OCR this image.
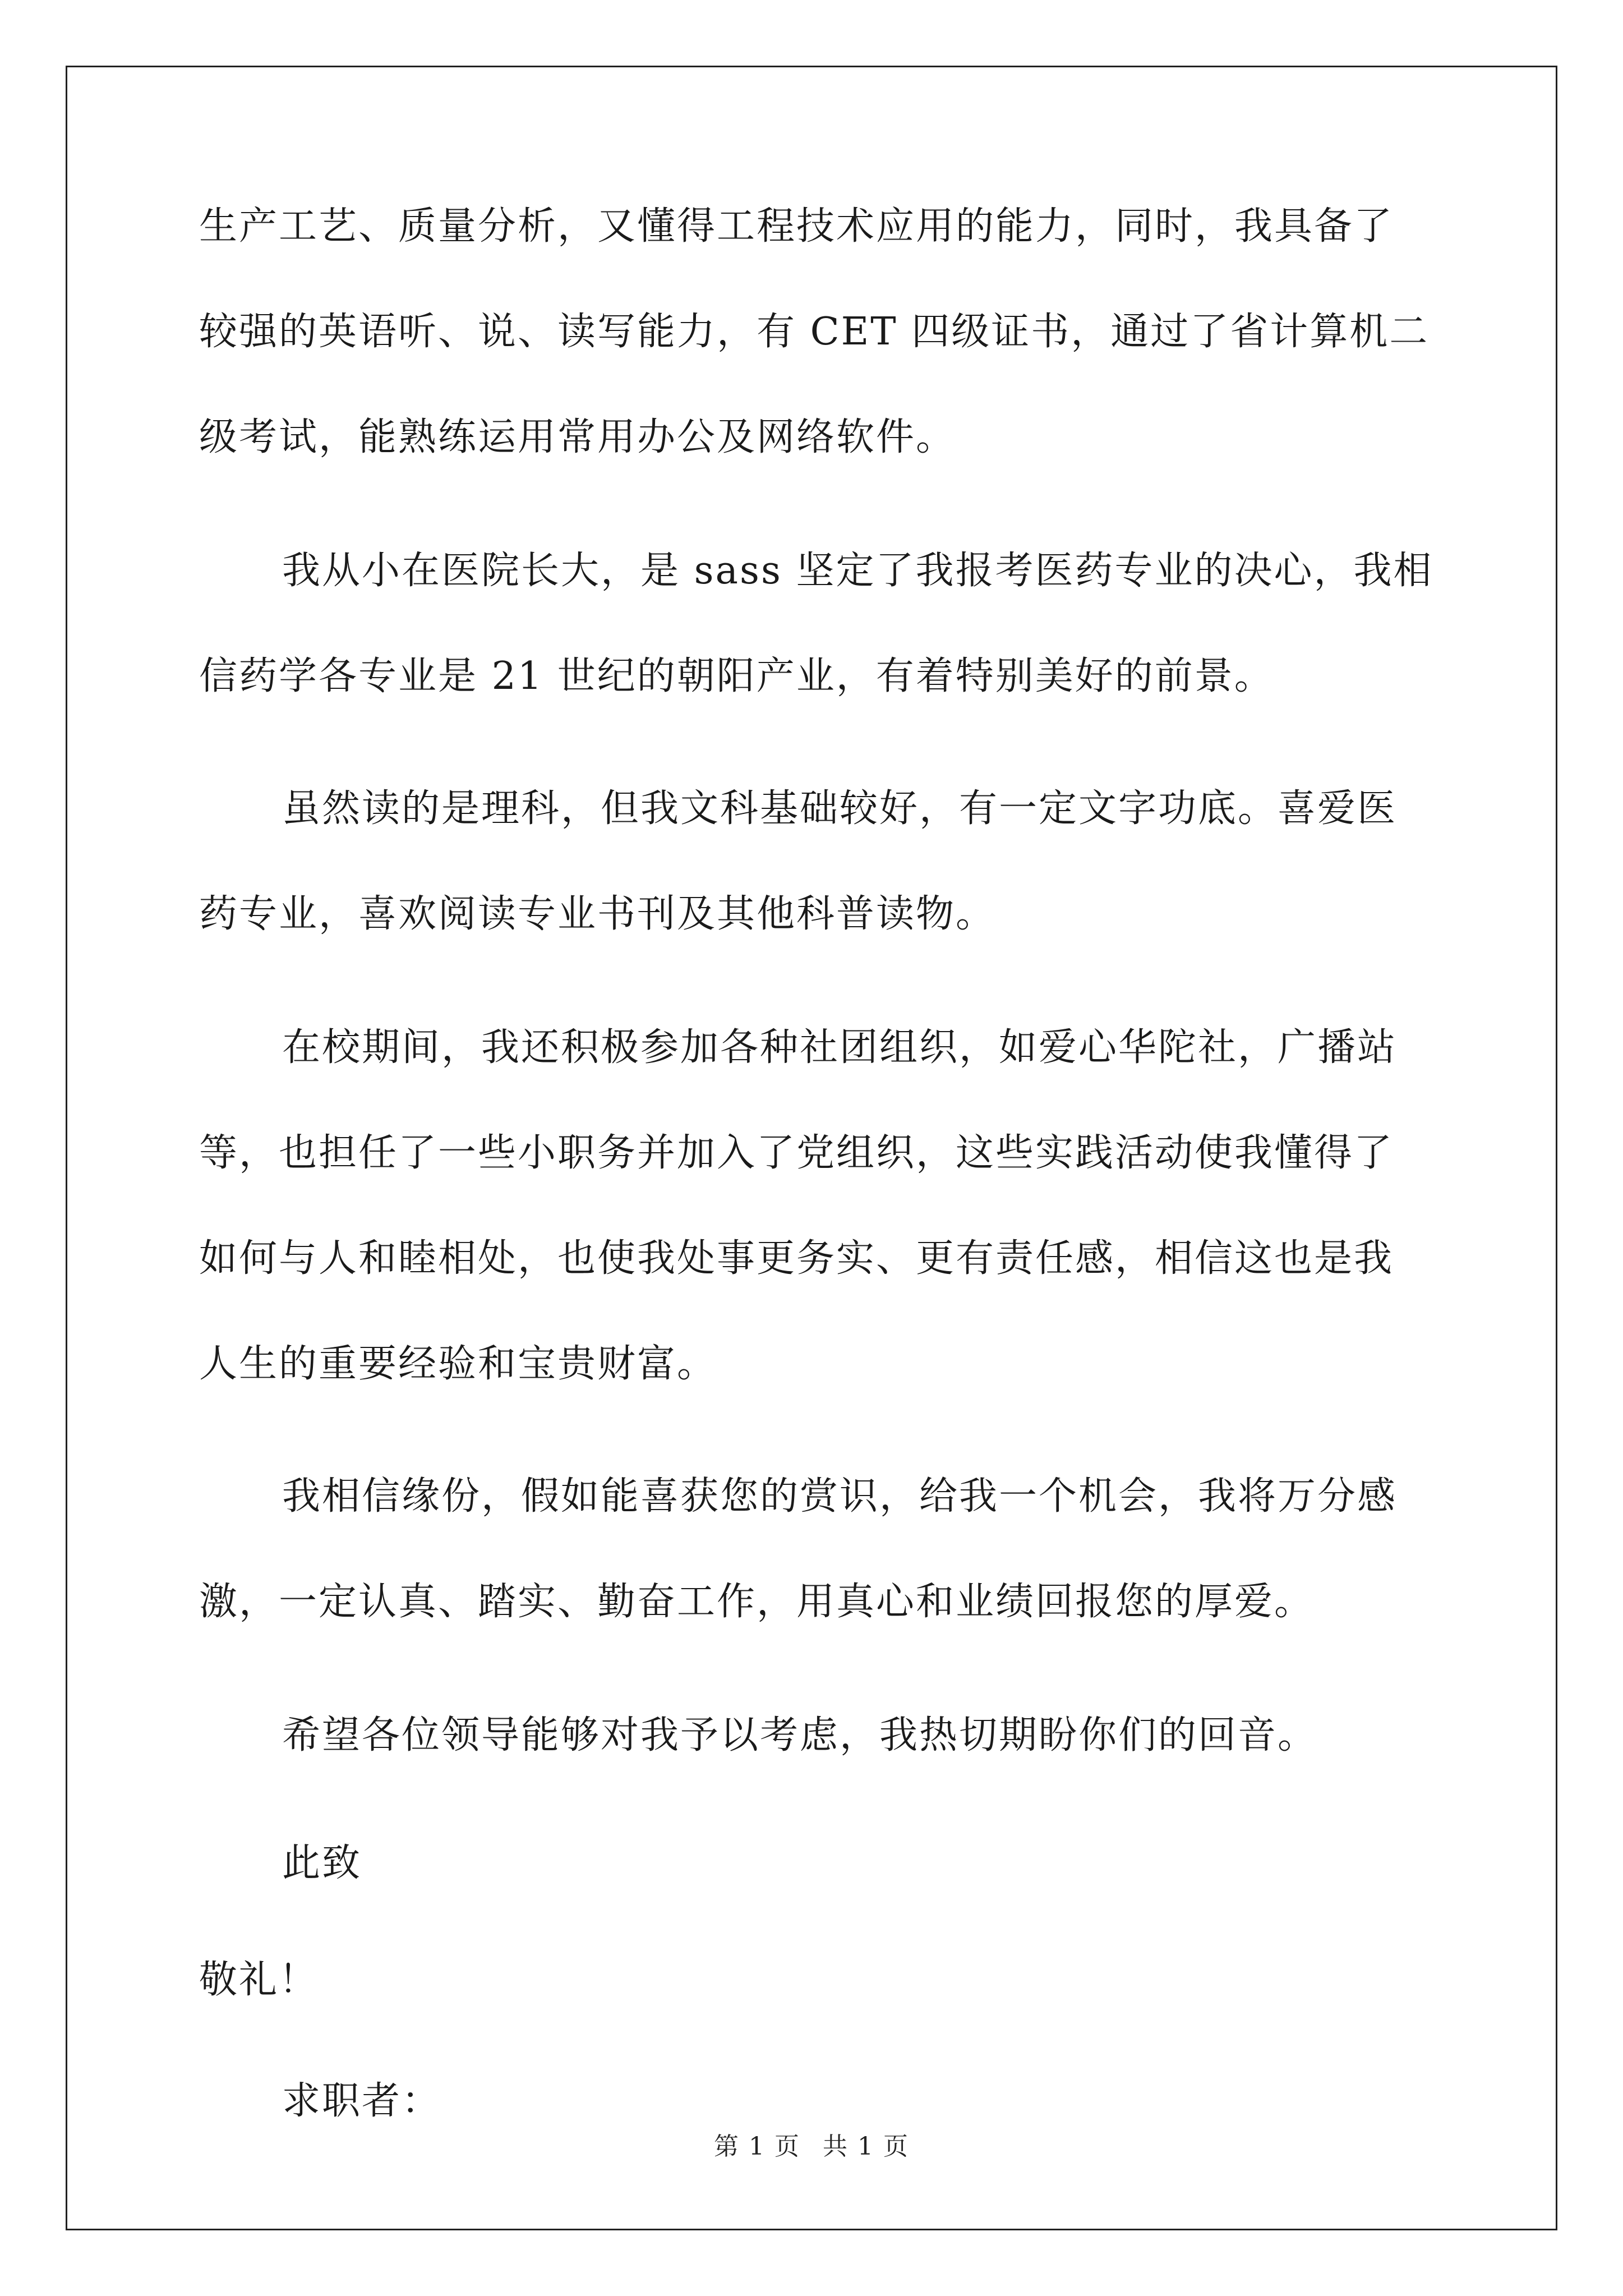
生产工艺、质量分析，又懂得工程技术应用的能力，同时，我具备了
较强的英语听、说、读写能力，有 CET 四级证书，通过了省计算机二
级考试，能熟练运用常用办公及网络软件。
我从小在医院长大，是 sass 坚定了我报考医药专业的决心，我相
信药学各专业是 21 世纪的朝阳产业，有着特别美好的前景。
虽然读的是理科，但我文科基础较好，有一定文字功底。喜爱医
药专业，喜欢阅读专业书刊及其他科普读物。
在校期间，我还积极参加各种社团组织，如爱心华陀社，广播站
等，也担任了一些小职务并加入了党组织，这些实践活动使我懂得了
如何与人和睦相处，也使我处事更务实、更有责任感，相信这也是我
人生的重要经验和宝贵财富。
我相信缘份，假如能喜获您的赏识，给我一个机会，我将万分感
激，一定认真、踏实、勤奋工作，用真心和业绩回报您的厚爱。
希望各位领导能够对我予以考虑，我热切期盼你们的回音。
此致
敬礼！
求职者：
第 1 页 共 1 页
